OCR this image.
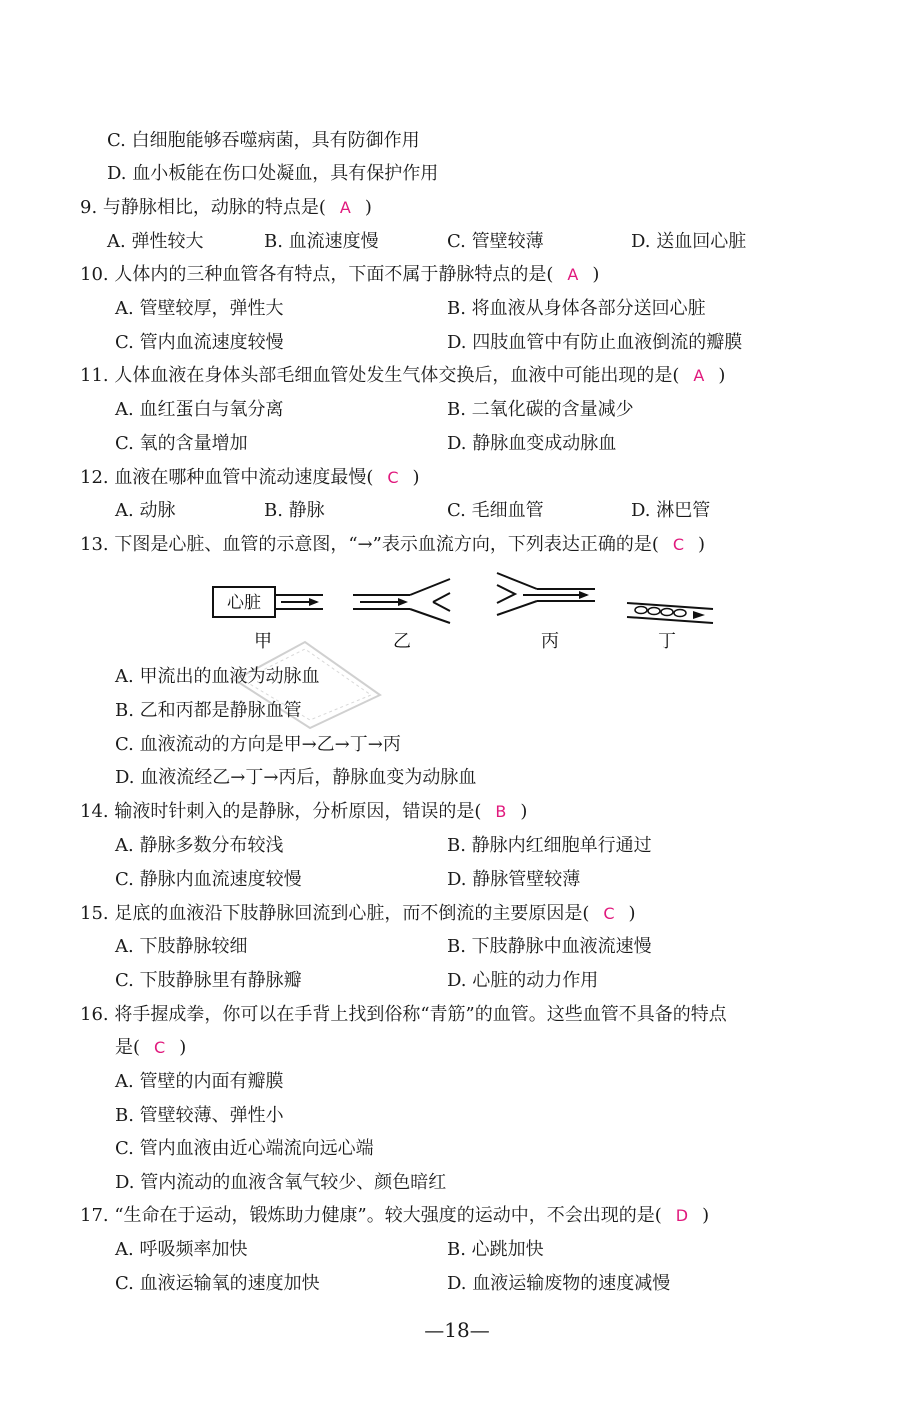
C. 白细胞能够吞噬病菌，具有防御作用
D. 血小板能在伤口处凝血，具有保护作用
9. 与静脉相比，动脉的特点是( A )
A. 弹性较大	B. 血流速度慢	C. 管壁较薄	D. 送血回心脏
10. 人体内的三种血管各有特点，下面不属于静脉特点的是( A )
A. 管壁较厚，弹性大	B. 将血液从身体各部分送回心脏
C. 管内血流速度较慢	D. 四肢血管中有防止血液倒流的瓣膜
11. 人体血液在身体头部毛细血管处发生气体交换后，血液中可能出现的是( A )
A. 血红蛋白与氧分离	B. 二氧化碳的含量减少
C. 氧的含量增加	D. 静脉血变成动脉血
12. 血液在哪种血管中流动速度最慢( C )
A. 动脉	B. 静脉	C. 毛细血管	D. 淋巴管
13. 下图是心脏、血管的示意图，“→”表示血流方向，下列表达正确的是( C )
心脏
甲	乙	丙	丁
A. 甲流出的血液为动脉血
B. 乙和丙都是静脉血管
C. 血液流动的方向是甲→乙→丁→丙
D. 血液流经乙→丁→丙后，静脉血变为动脉血
14. 输液时针刺入的是静脉，分析原因，错误的是( B )
A. 静脉多数分布较浅	B. 静脉内红细胞单行通过
C. 静脉内血流速度较慢	D. 静脉管壁较薄
15. 足底的血液沿下肢静脉回流到心脏，而不倒流的主要原因是( C )
A. 下肢静脉较细	B. 下肢静脉中血液流速慢
C. 下肢静脉里有静脉瓣	D. 心脏的动力作用
16. 将手握成拳，你可以在手背上找到俗称“青筋”的血管。这些血管不具备的特点
是( C )
A. 管壁的内面有瓣膜
B. 管壁较薄、弹性小
C. 管内血液由近心端流向远心端
D. 管内流动的血液含氧气较少、颜色暗红
17. “生命在于运动，锻炼助力健康”。较大强度的运动中，不会出现的是( D )
A. 呼吸频率加快	B. 心跳加快
C. 血液运输氧的速度加快	D. 血液运输废物的速度减慢
—18—
